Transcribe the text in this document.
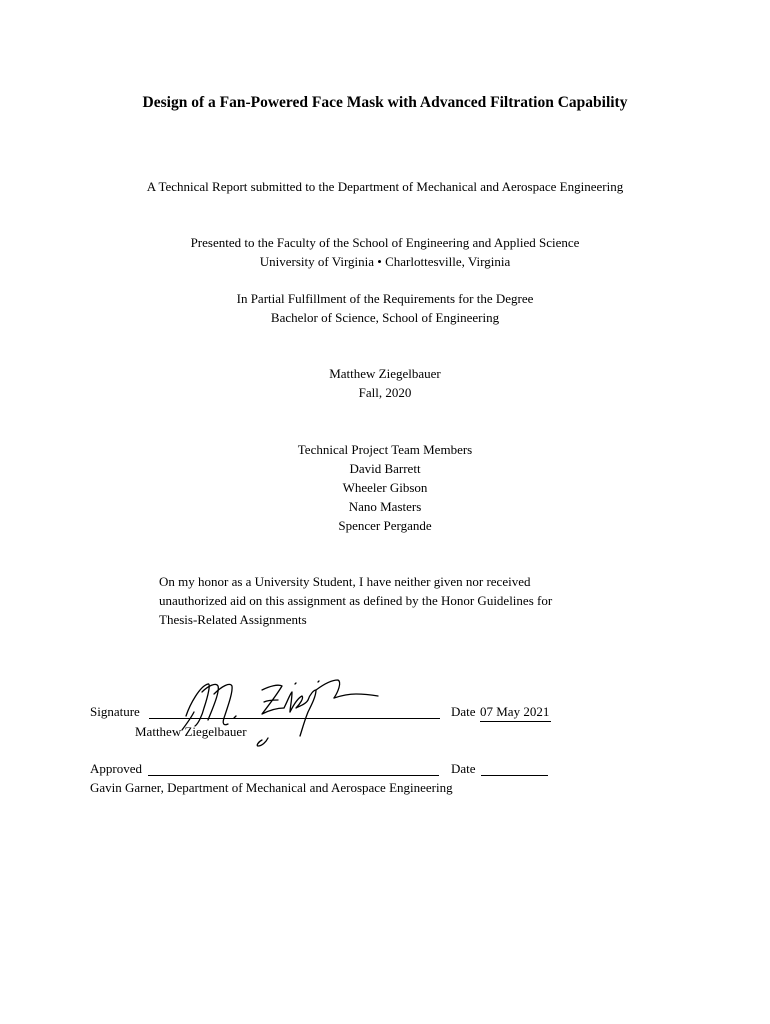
Design of a Fan-Powered Face Mask with Advanced Filtration Capability
A Technical Report submitted to the Department of Mechanical and Aerospace Engineering
Presented to the Faculty of the School of Engineering and Applied Science
University of Virginia • Charlottesville, Virginia
In Partial Fulfillment of the Requirements for the Degree
Bachelor of Science, School of Engineering
Matthew Ziegelbauer
Fall, 2020
Technical Project Team Members
David Barrett
Wheeler Gibson
Nano Masters
Spencer Pergande
On my honor as a University Student, I have neither given nor received
unauthorized aid on this assignment as defined by the Honor Guidelines for
Thesis-Related Assignments
Signature	Date 07 May 2021
Matthew Ziegelbauer
Approved	Date
Gavin Garner, Department of Mechanical and Aerospace Engineering
